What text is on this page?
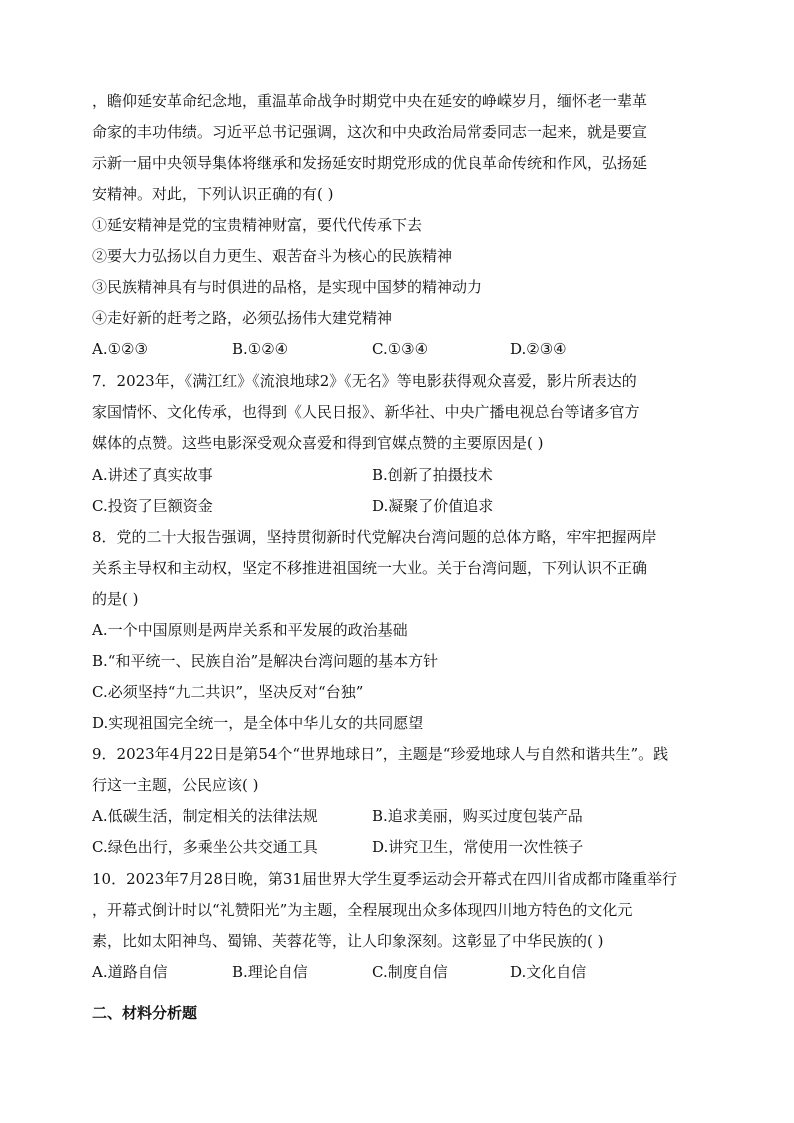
，瞻仰延安革命纪念地，重温革命战争时期党中央在延安的峥嵘岁月，缅怀老一辈革
命家的丰功伟绩。习近平总书记强调，这次和中央政治局常委同志一起来，就是要宣
示新一届中央领导集体将继承和发扬延安时期党形成的优良革命传统和作风，弘扬延
安精神。对此，下列认识正确的有( )
①延安精神是党的宝贵精神财富，要代代传承下去
②要大力弘扬以自力更生、艰苦奋斗为核心的民族精神
③民族精神具有与时俱进的品格，是实现中国梦的精神动力
④走好新的赶考之路，必须弘扬伟大建党精神
A.①②③	B.①②④	C.①③④	D.②③④
7．2023年，《满江红》《流浪地球2》《无名》等电影获得观众喜爱，影片所表达的
家国情怀、文化传承，也得到《人民日报》、新华社、中央广播电视总台等诸多官方
媒体的点赞。这些电影深受观众喜爱和得到官媒点赞的主要原因是( )
A.讲述了真实故事	B.创新了拍摄技术
C.投资了巨额资金	D.凝聚了价值追求
8．党的二十大报告强调，坚持贯彻新时代党解决台湾问题的总体方略，牢牢把握两岸
关系主导权和主动权，坚定不移推进祖国统一大业。关于台湾问题，下列认识不正确
的是( )
A.一个中国原则是两岸关系和平发展的政治基础
B.“和平统一、民族自治”是解决台湾问题的基本方针
C.必须坚持“九二共识”，坚决反对“台独”
D.实现祖国完全统一，是全体中华儿女的共同愿望
9．2023年4月22日是第54个“世界地球日”，主题是“珍爱地球人与自然和谐共生”。践
行这一主题，公民应该( )
A.低碳生活，制定相关的法律法规	B.追求美丽，购买过度包装产品
C.绿色出行，多乘坐公共交通工具	D.讲究卫生，常使用一次性筷子
10．2023年7月28日晚，第31届世界大学生夏季运动会开幕式在四川省成都市隆重举行
，开幕式倒计时以“礼赞阳光”为主题，全程展现出众多体现四川地方特色的文化元
素，比如太阳神鸟、蜀锦、芙蓉花等，让人印象深刻。这彰显了中华民族的( )
A.道路自信	B.理论自信	C.制度自信	D.文化自信
二、材料分析题
